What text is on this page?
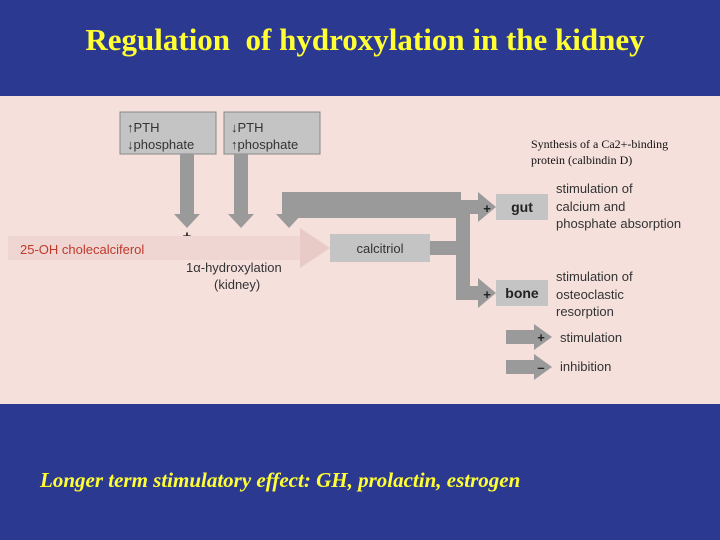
Regulation  of hydroxylation in the kidney
↑PTH
↓phosphate
↓PTH
↑phosphate
25-OH cholecalciferol
1α-hydroxylation
(kidney)
calcitriol
+
+
gut
bone
Synthesis of a Ca2+-binding
protein (calbindin D)
stimulation of
calcium and
phosphate absorption
stimulation of
osteoclastic
resorption
+ stimulation
– inhibition
Longer term stimulatory effect: GH, prolactin, estrogen
